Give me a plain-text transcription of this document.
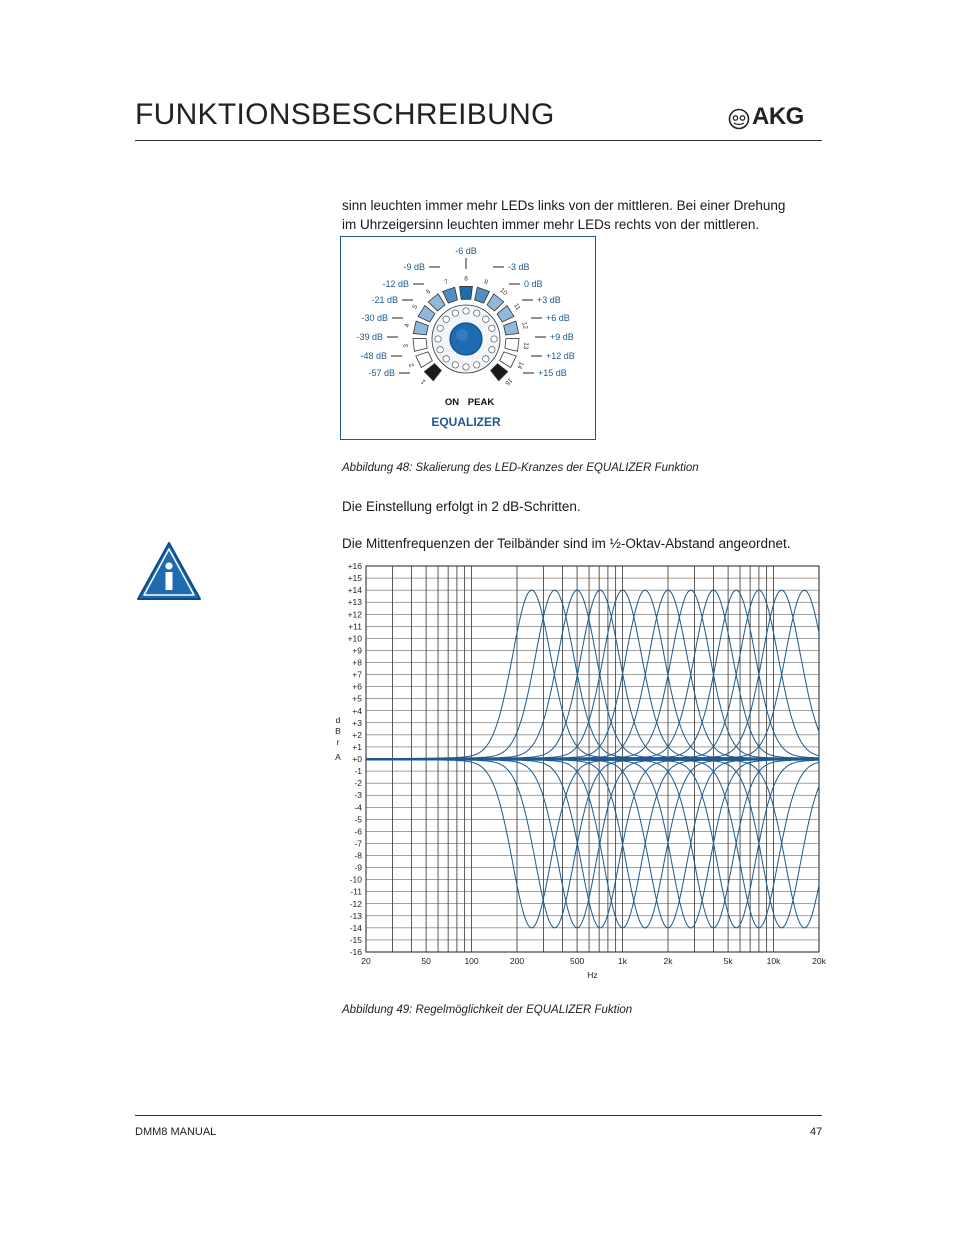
FUNKTIONSBESCHREIBUNG	AKG
sinn leuchten immer mehr LEDs links von der mittleren. Bei einer Drehung
im Uhrzeigersinn leuchten immer mehr LEDs rechts von der mittleren.
1
2
3
4
5
6
7 8 9
10
11
12
13
14
15
-6 dB
-9 dB	-3 dB
-12 dB	0 dB
-21 dB	+3 dB
-30 dB	+6 dB
-39 dB	+9 dB
-48 dB	+12 dB
-57 dB	+15 dB
ON PEAK
EQUALIZER
Abbildung 48: Skalierung des LED-Kranzes der EQUALIZER Funktion
Die Einstellung erfolgt in 2 dB-Schritten.
Die Mittenfrequenzen der Teilbänder sind im ½-Oktav-Abstand angeordnet.
+16
+15
+14
+13
+12
+11
+10
+9
+8
+7
+6
+5
+4
+3
+2
+1
+0
-1
-2
-3
-4
-5
-6
-7
-8
-9
-10
-11
-12
-13
-14
-15
-16
20	50	100	200	500	1k	2k	5k	10k	20k
Hz
d
B
r
A
Abbildung 49: Regelmöglichkeit der EQUALIZER Fuktion
DMM8 MANUAL	47
